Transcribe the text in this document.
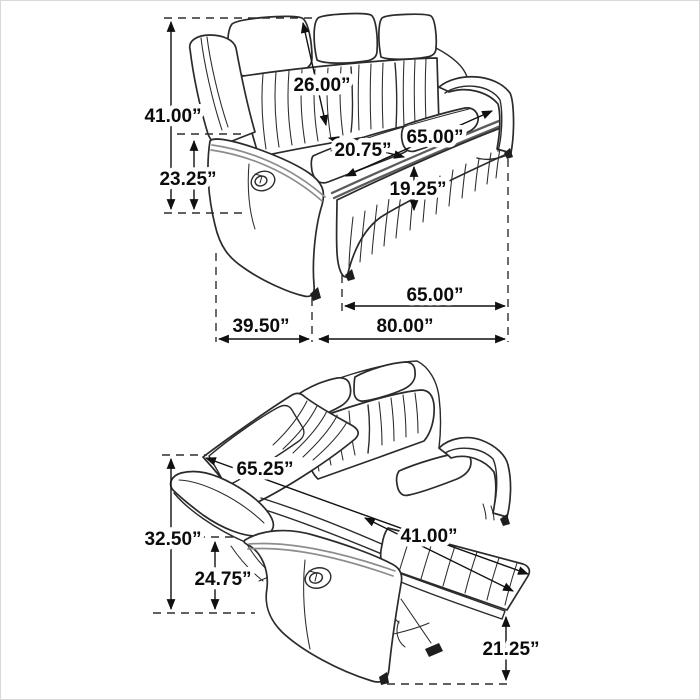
41.00”
26.00”
23.25”
20.75”
65.00”
19.25”
65.00”
39.50”	80.00”
65.25”
32.50”
24.75”
41.00”
21.25”
